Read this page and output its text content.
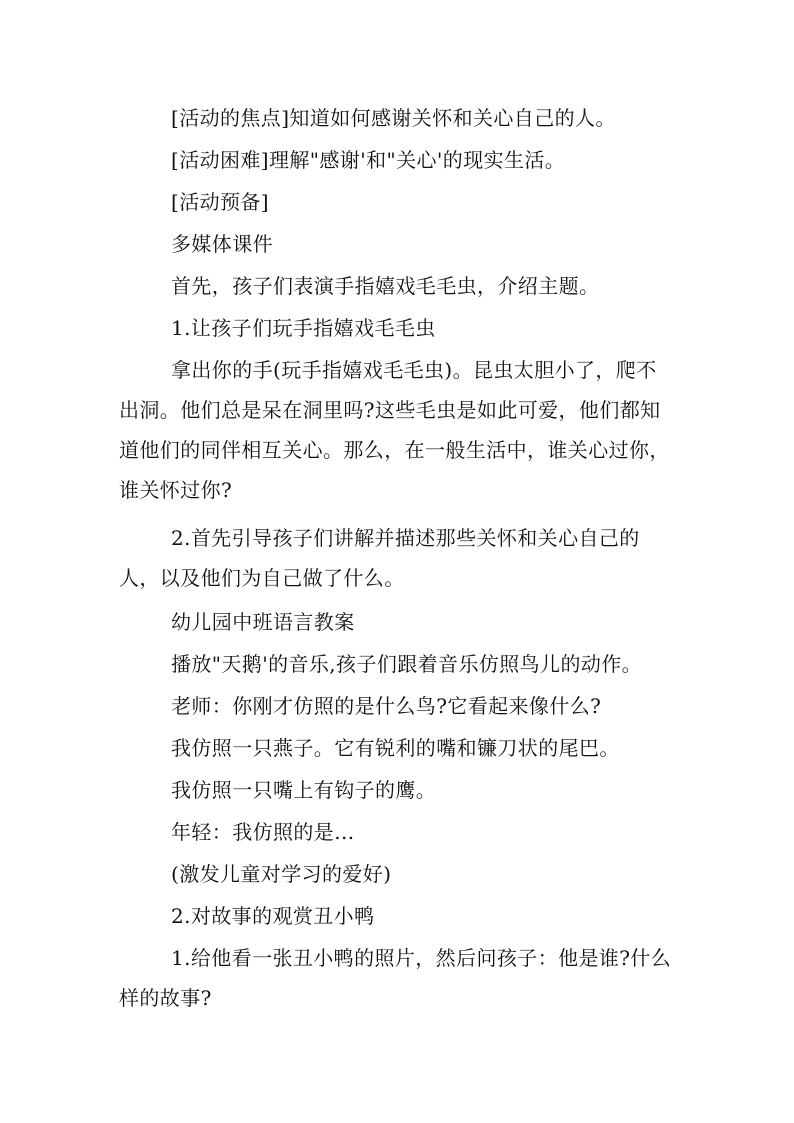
[活动的焦点]知道如何感谢关怀和关心自己的人。

[活动困难]理解"感谢'和"关心'的现实生活。

[活动预备]

多媒体课件

首先，孩子们表演手指嬉戏毛毛虫，介绍主题。

1.让孩子们玩手指嬉戏毛毛虫

拿出你的手(玩手指嬉戏毛毛虫)。昆虫太胆小了，爬不出洞。他们总是呆在洞里吗?这些毛虫是如此可爱，他们都知道他们的同伴相互关心。那么，在一般生活中，谁关心过你，谁关怀过你?

2.首先引导孩子们讲解并描述那些关怀和关心自己的人，以及他们为自己做了什么。

幼儿园中班语言教案

播放"天鹅'的音乐,孩子们跟着音乐仿照鸟儿的动作。

老师：你刚才仿照的是什么鸟?它看起来像什么?

我仿照一只燕子。它有锐利的嘴和镰刀状的尾巴。

我仿照一只嘴上有钩子的鹰。

年轻：我仿照的是...

(激发儿童对学习的爱好)

2.对故事的观赏丑小鸭

1.给他看一张丑小鸭的照片，然后问孩子：他是谁?什么样的故事?
